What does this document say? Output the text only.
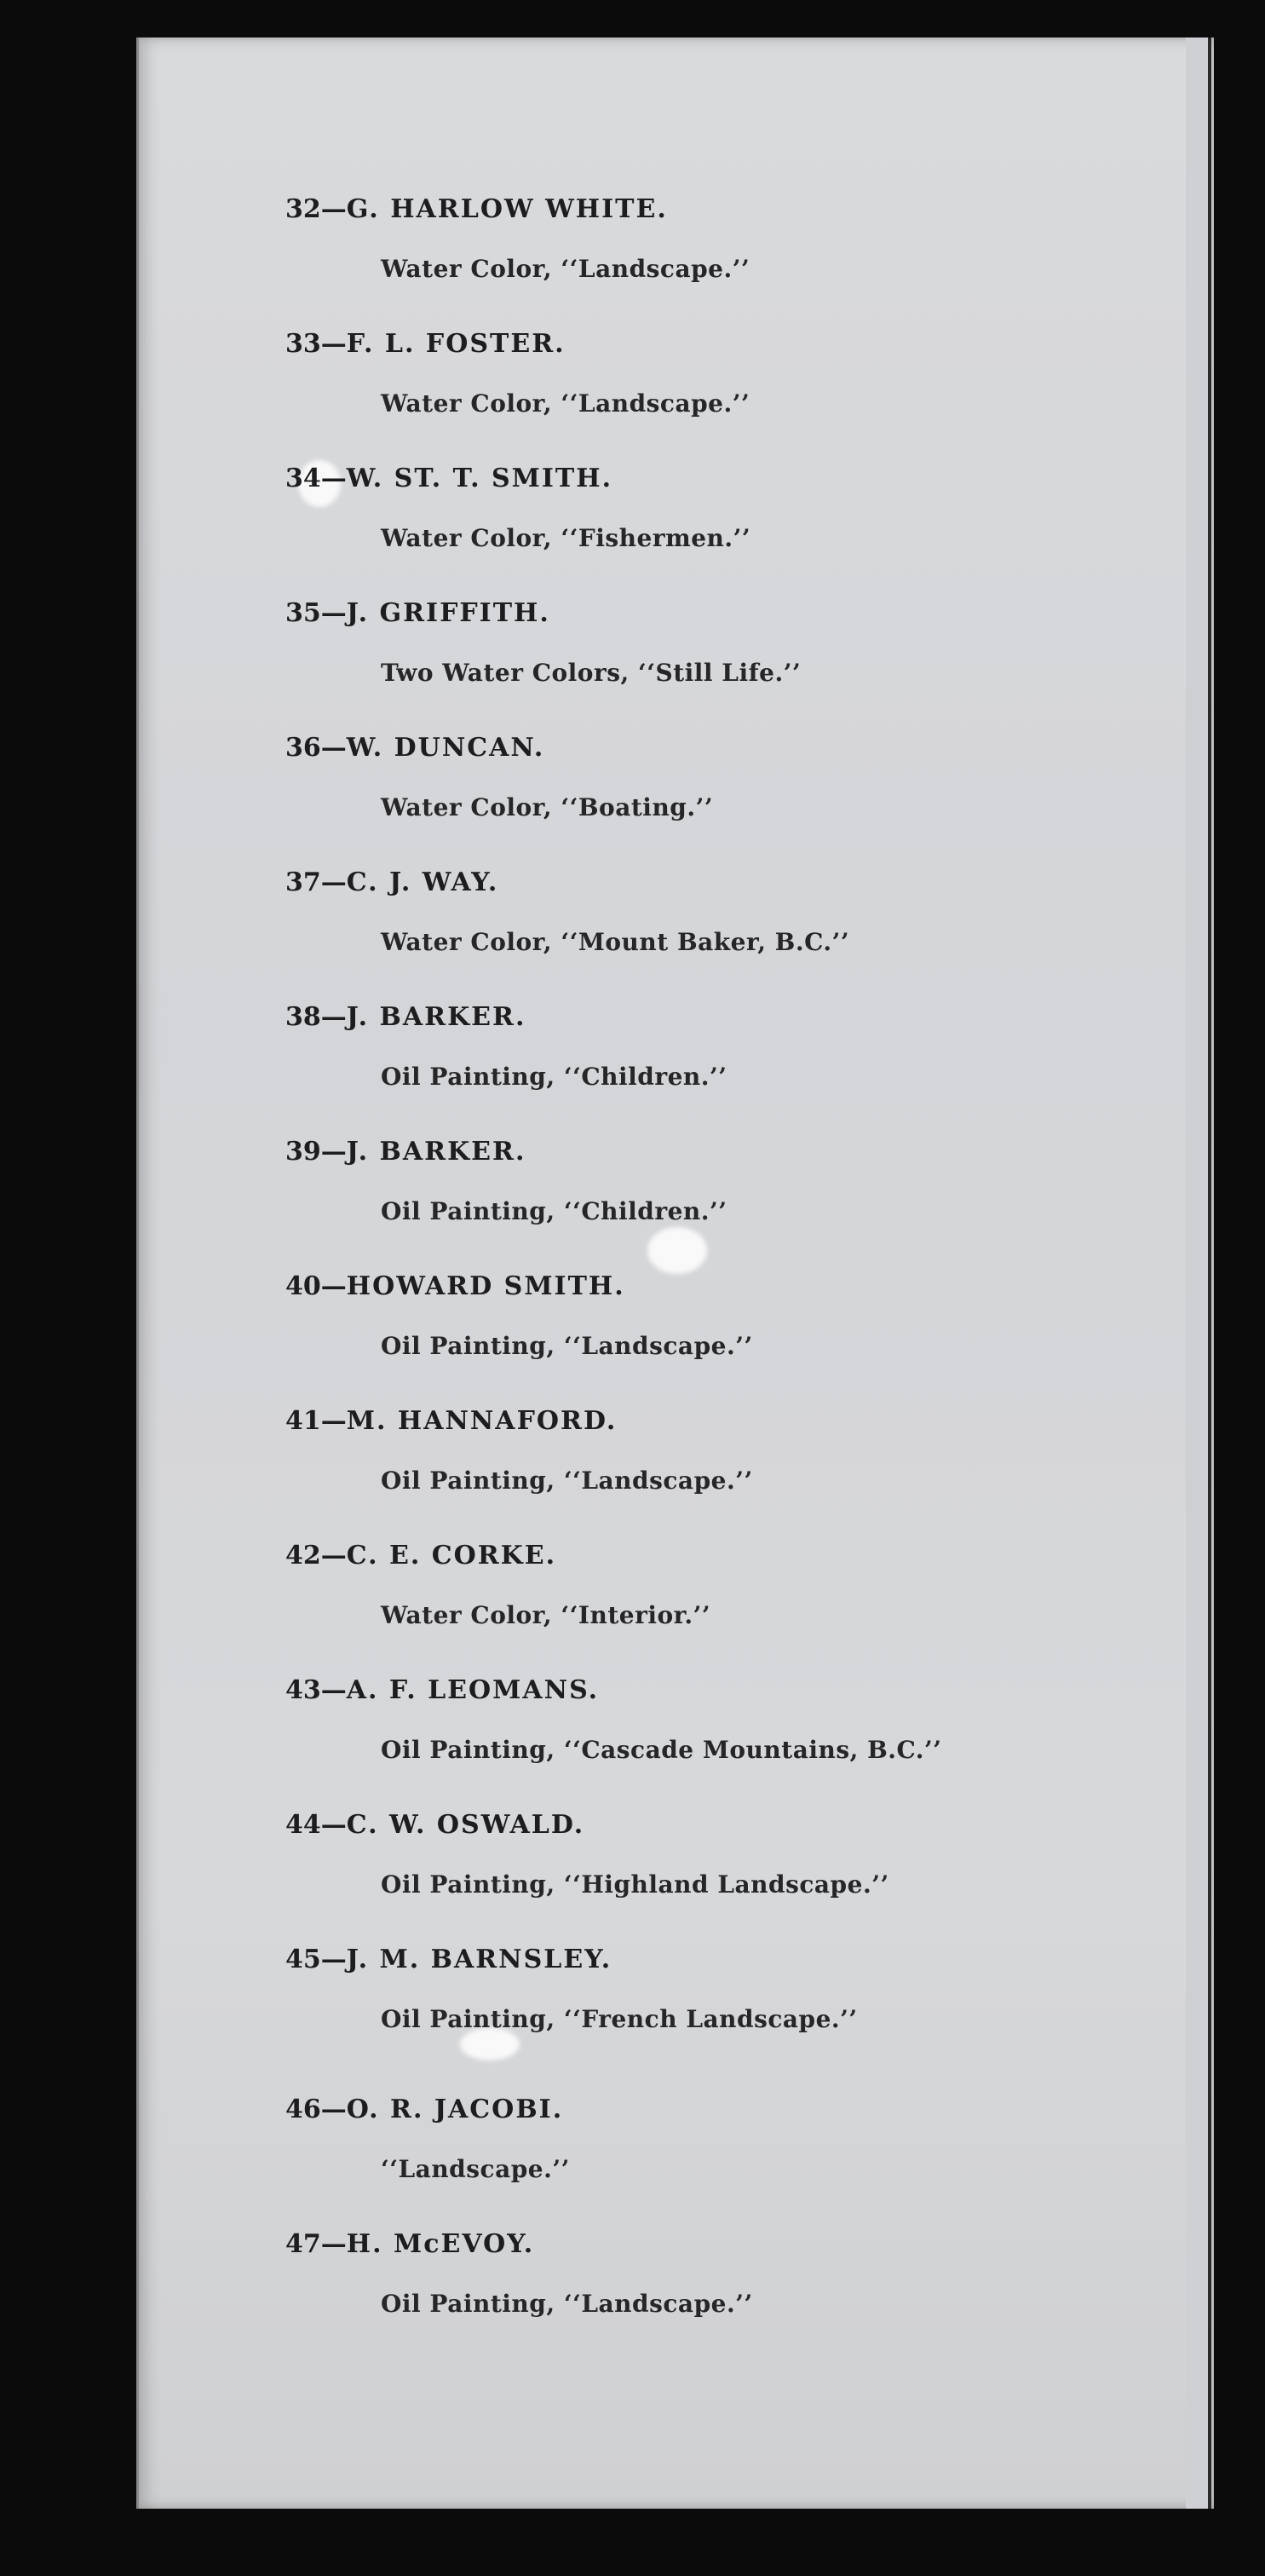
32—G. HARLOW WHITE.
Water Color, ‘‘Landscape.’’
33—F. L. FOSTER.
Water Color, ‘‘Landscape.’’
34—W. ST. T. SMITH.
Water Color, ‘‘Fishermen.’’
35—J. GRIFFITH.
Two Water Colors, ‘‘Still Life.’’
36—W. DUNCAN.
Water Color, ‘‘Boating.’’
37—C. J. WAY.
Water Color, ‘‘Mount Baker, B.C.’’
38—J. BARKER.
Oil Painting, ‘‘Children.’’
39—J. BARKER.
Oil Painting, ‘‘Children.’’
40—HOWARD SMITH.
Oil Painting, ‘‘Landscape.’’
41—M. HANNAFORD.
Oil Painting, ‘‘Landscape.’’
42—C. E. CORKE.
Water Color, ‘‘Interior.’’
43—A. F. LEOMANS.
Oil Painting, ‘‘Cascade Mountains, B.C.’’
44—C. W. OSWALD.
Oil Painting, ‘‘Highland Landscape.’’
45—J. M. BARNSLEY.
Oil Painting, ‘‘French Landscape.’’
46—O. R. JACOBI.
‘‘Landscape.’’
47—H. McEVOY.
Oil Painting, ‘‘Landscape.’’
